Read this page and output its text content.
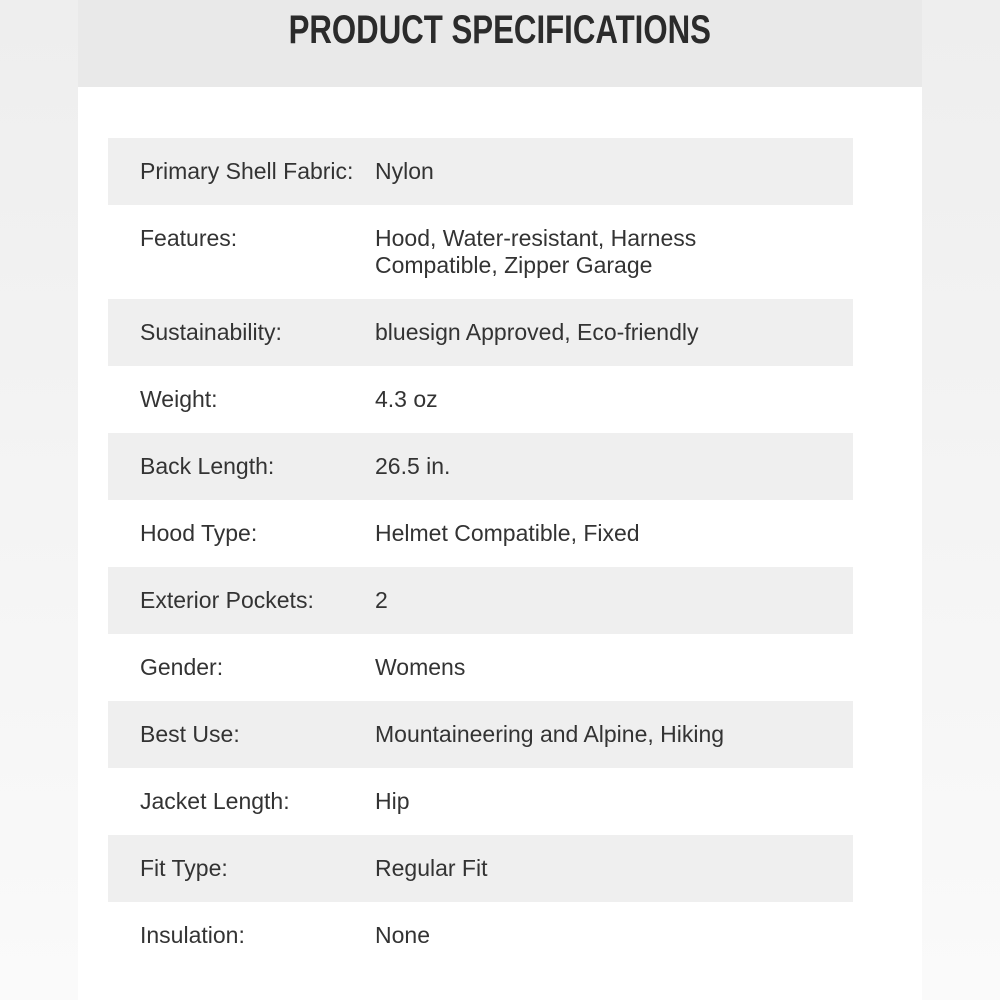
PRODUCT SPECIFICATIONS
Primary Shell Fabric: Nylon
Features:	Hood, Water-resistant, Harness Compatible, Zipper Garage
Sustainability:	bluesign Approved, Eco-friendly
Weight:	4.3 oz
Back Length:	26.5 in.
Hood Type:	Helmet Compatible, Fixed
Exterior Pockets:	2
Gender:	Womens
Best Use:	Mountaineering and Alpine, Hiking
Jacket Length:	Hip
Fit Type:	Regular Fit
Insulation:	None
